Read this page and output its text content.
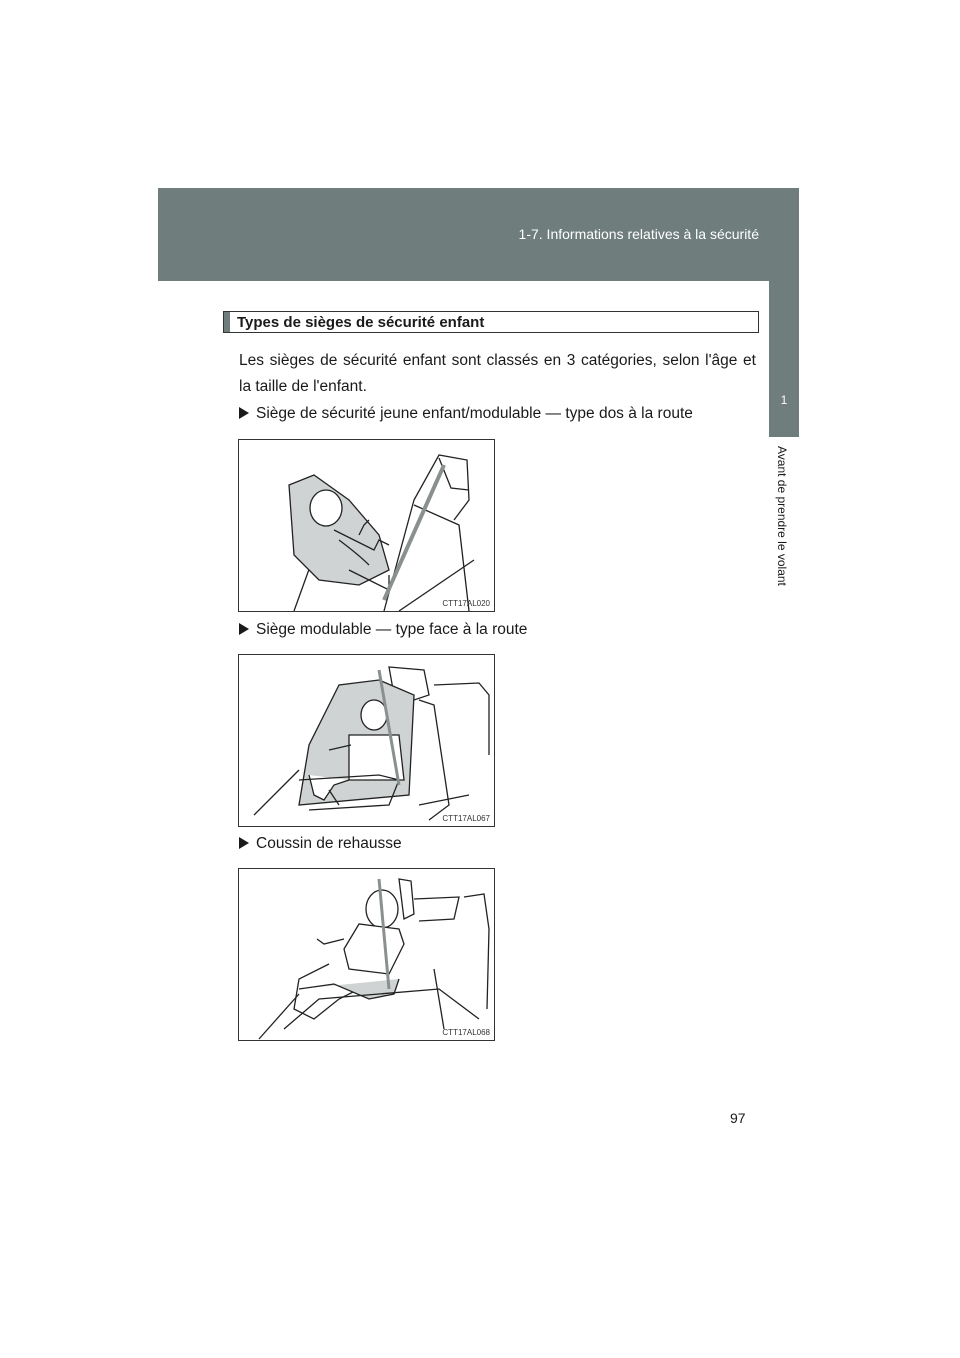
1-7. Informations relatives à la sécurité
1
Avant de prendre le volant
Types de sièges de sécurité enfant
Les sièges de sécurité enfant sont classés en 3 catégories, selon l'âge et la taille de l'enfant.
Siège de sécurité jeune enfant/modulable — type dos à la route
CTT17AL020
Siège modulable — type face à la route
CTT17AL067
Coussin de rehausse
CTT17AL068
97
